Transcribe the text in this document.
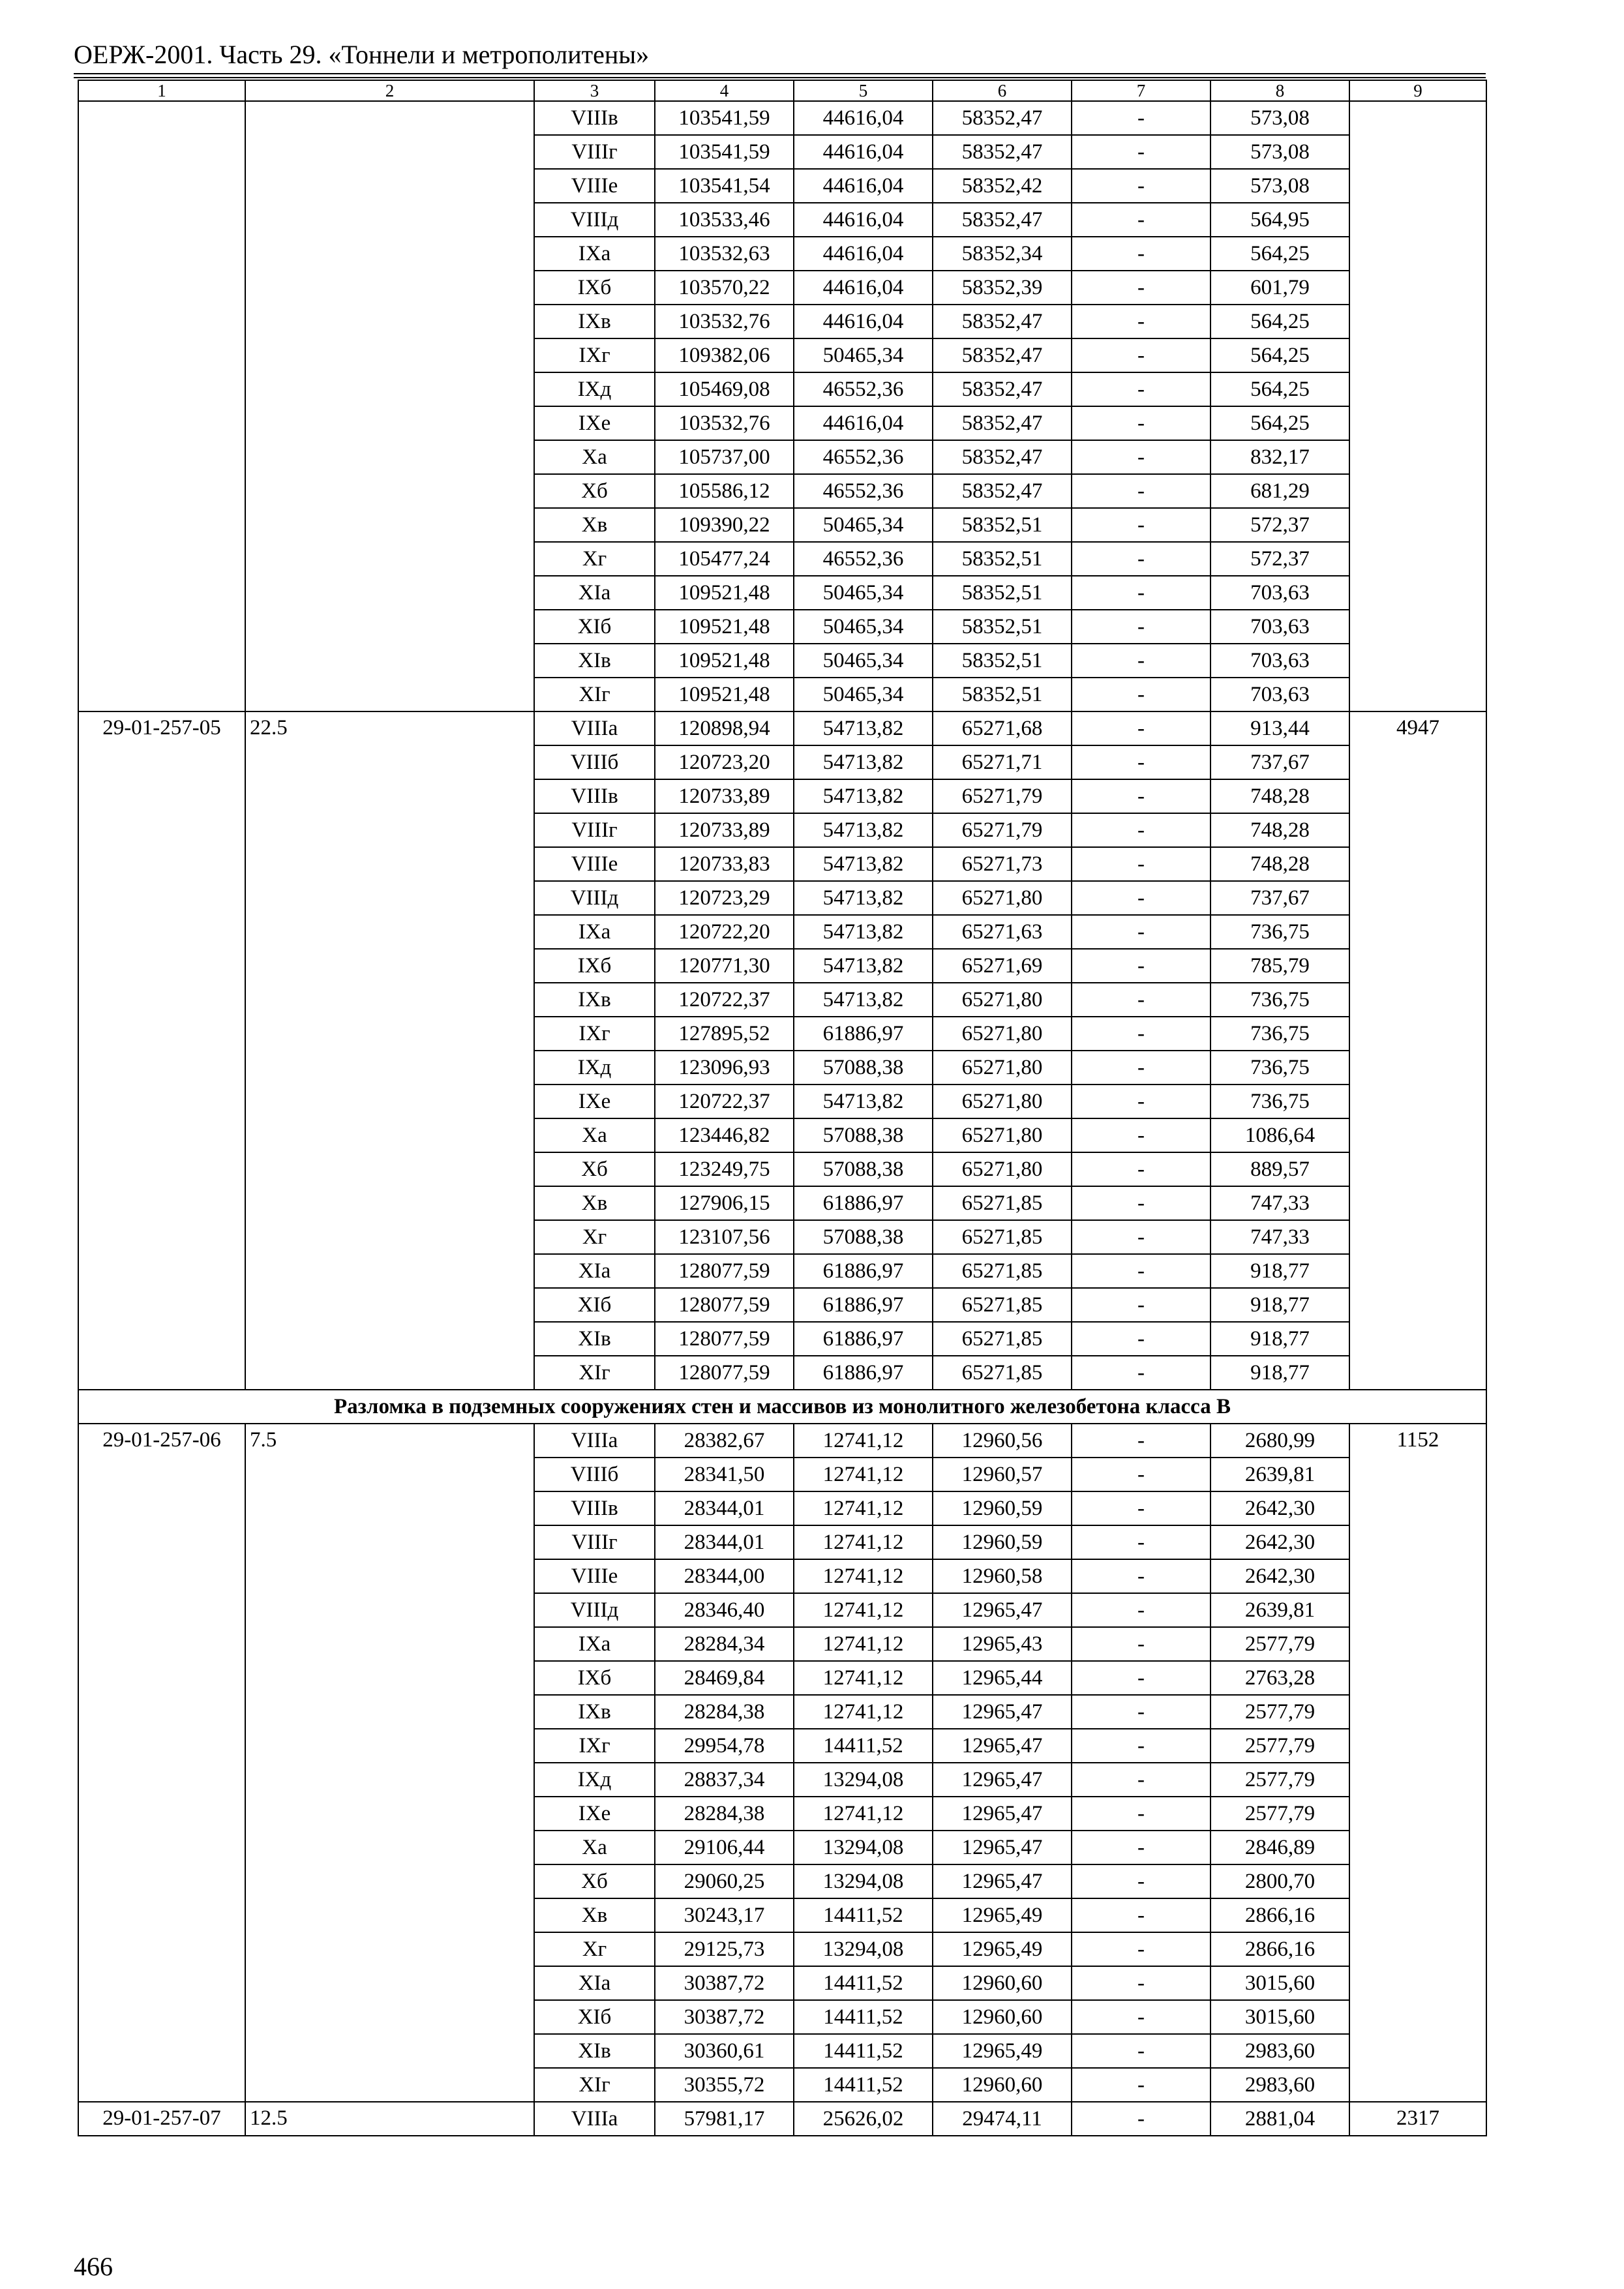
ОЕРЖ-2001. Часть 29. «Тоннели и метрополитены»
1	2	3	4	5	6	7	8	9
		VIIIв	103541,59	44616,04	58352,47	-	573,08	
		VIIIг	103541,59	44616,04	58352,47	-	573,08	
		VIIIе	103541,54	44616,04	58352,42	-	573,08	
		VIIIд	103533,46	44616,04	58352,47	-	564,95	
		IXа	103532,63	44616,04	58352,34	-	564,25	
		IXб	103570,22	44616,04	58352,39	-	601,79	
		IXв	103532,76	44616,04	58352,47	-	564,25	
		IXг	109382,06	50465,34	58352,47	-	564,25	
		IXд	105469,08	46552,36	58352,47	-	564,25	
		IXе	103532,76	44616,04	58352,47	-	564,25	
		Xа	105737,00	46552,36	58352,47	-	832,17	
		Xб	105586,12	46552,36	58352,47	-	681,29	
		Xв	109390,22	50465,34	58352,51	-	572,37	
		Xг	105477,24	46552,36	58352,51	-	572,37	
		XIа	109521,48	50465,34	58352,51	-	703,63	
		XIб	109521,48	50465,34	58352,51	-	703,63	
		XIв	109521,48	50465,34	58352,51	-	703,63	
		XIг	109521,48	50465,34	58352,51	-	703,63	
29-01-257-05	22.5	VIIIа	120898,94	54713,82	65271,68	-	913,44	4947
		VIIIб	120723,20	54713,82	65271,71	-	737,67	
		VIIIв	120733,89	54713,82	65271,79	-	748,28	
		VIIIг	120733,89	54713,82	65271,79	-	748,28	
		VIIIе	120733,83	54713,82	65271,73	-	748,28	
		VIIIд	120723,29	54713,82	65271,80	-	737,67	
		IXа	120722,20	54713,82	65271,63	-	736,75	
		IXб	120771,30	54713,82	65271,69	-	785,79	
		IXв	120722,37	54713,82	65271,80	-	736,75	
		IXг	127895,52	61886,97	65271,80	-	736,75	
		IXд	123096,93	57088,38	65271,80	-	736,75	
		IXе	120722,37	54713,82	65271,80	-	736,75	
		Xа	123446,82	57088,38	65271,80	-	1086,64	
		Xб	123249,75	57088,38	65271,80	-	889,57	
		Xв	127906,15	61886,97	65271,85	-	747,33	
		Xг	123107,56	57088,38	65271,85	-	747,33	
		XIа	128077,59	61886,97	65271,85	-	918,77	
		XIб	128077,59	61886,97	65271,85	-	918,77	
		XIв	128077,59	61886,97	65271,85	-	918,77	
		XIг	128077,59	61886,97	65271,85	-	918,77	
Разломка в подземных сооружениях стен и массивов из монолитного железобетона класса В								
29-01-257-06	7.5	VIIIа	28382,67	12741,12	12960,56	-	2680,99	1152
		VIIIб	28341,50	12741,12	12960,57	-	2639,81	
		VIIIв	28344,01	12741,12	12960,59	-	2642,30	
		VIIIг	28344,01	12741,12	12960,59	-	2642,30	
		VIIIе	28344,00	12741,12	12960,58	-	2642,30	
		VIIIд	28346,40	12741,12	12965,47	-	2639,81	
		IXа	28284,34	12741,12	12965,43	-	2577,79	
		IXб	28469,84	12741,12	12965,44	-	2763,28	
		IXв	28284,38	12741,12	12965,47	-	2577,79	
		IXг	29954,78	14411,52	12965,47	-	2577,79	
		IXд	28837,34	13294,08	12965,47	-	2577,79	
		IXе	28284,38	12741,12	12965,47	-	2577,79	
		Xа	29106,44	13294,08	12965,47	-	2846,89	
		Xб	29060,25	13294,08	12965,47	-	2800,70	
		Xв	30243,17	14411,52	12965,49	-	2866,16	
		Xг	29125,73	13294,08	12965,49	-	2866,16	
		XIа	30387,72	14411,52	12960,60	-	3015,60	
		XIб	30387,72	14411,52	12960,60	-	3015,60	
		XIв	30360,61	14411,52	12965,49	-	2983,60	
		XIг	30355,72	14411,52	12960,60	-	2983,60	
29-01-257-07	12.5	VIIIа	57981,17	25626,02	29474,11	-	2881,04	2317
466
